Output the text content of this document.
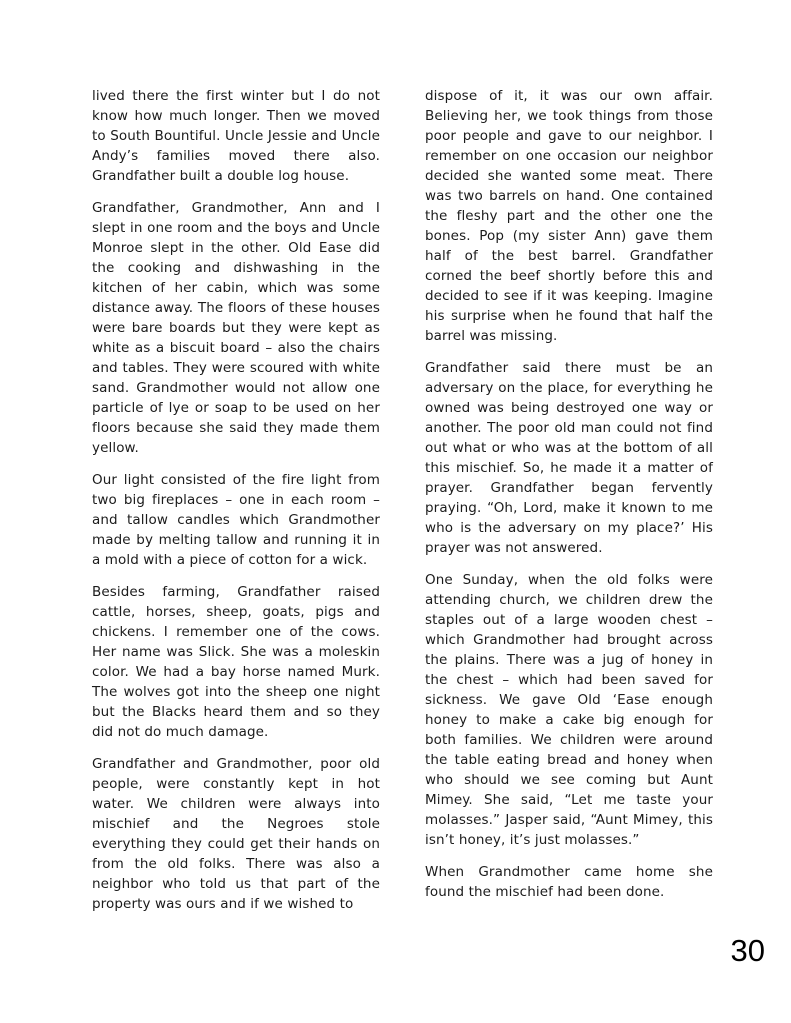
lived there the first winter but I do not know how much longer. Then we moved to South Bountiful. Uncle Jessie and Uncle Andy’s families moved there also. Grandfather built a double log house.

Grandfather, Grandmother, Ann and I slept in one room and the boys and Uncle Monroe slept in the other. Old Ease did the cooking and dishwashing in the kitchen of her cabin, which was some distance away. The floors of these houses were bare boards but they were kept as white as a biscuit board – also the chairs and tables. They were scoured with white sand. Grandmother would not allow one particle of lye or soap to be used on her floors because she said they made them yellow.

Our light consisted of the fire light from two big fireplaces – one in each room – and tallow candles which Grandmother made by melting tallow and running it in a mold with a piece of cotton for a wick.

Besides farming, Grandfather raised cattle, horses, sheep, goats, pigs and chickens. I remember one of the cows. Her name was Slick. She was a moleskin color. We had a bay horse named Murk. The wolves got into the sheep one night but the Blacks heard them and so they did not do much damage.

Grandfather and Grandmother, poor old people, were constantly kept in hot water. We children were always into mischief and the Negroes stole everything they could get their hands on from the old folks. There was also a neighbor who told us that part of the property was ours and if we wished to

dispose of it, it was our own affair. Believing her, we took things from those poor people and gave to our neighbor. I remember on one occasion our neighbor decided she wanted some meat. There was two barrels on hand. One contained the fleshy part and the other one the bones. Pop (my sister Ann) gave them half of the best barrel. Grandfather corned the beef shortly before this and decided to see if it was keeping. Imagine his surprise when he found that half the barrel was missing.

Grandfather said there must be an adversary on the place, for everything he owned was being destroyed one way or another. The poor old man could not find out what or who was at the bottom of all this mischief. So, he made it a matter of prayer. Grandfather began fervently praying. “Oh, Lord, make it known to me who is the adversary on my place?’ His prayer was not answered.

One Sunday, when the old folks were attending church, we children drew the staples out of a large wooden chest – which Grandmother had brought across the plains. There was a jug of honey in the chest – which had been saved for sickness. We gave Old ‘Ease enough honey to make a cake big enough for both families. We children were around the table eating bread and honey when who should we see coming but Aunt Mimey. She said, “Let me taste your molasses.” Jasper said, “Aunt Mimey, this isn’t honey, it’s just molasses.”

When Grandmother came home she found the mischief had been done.

30
